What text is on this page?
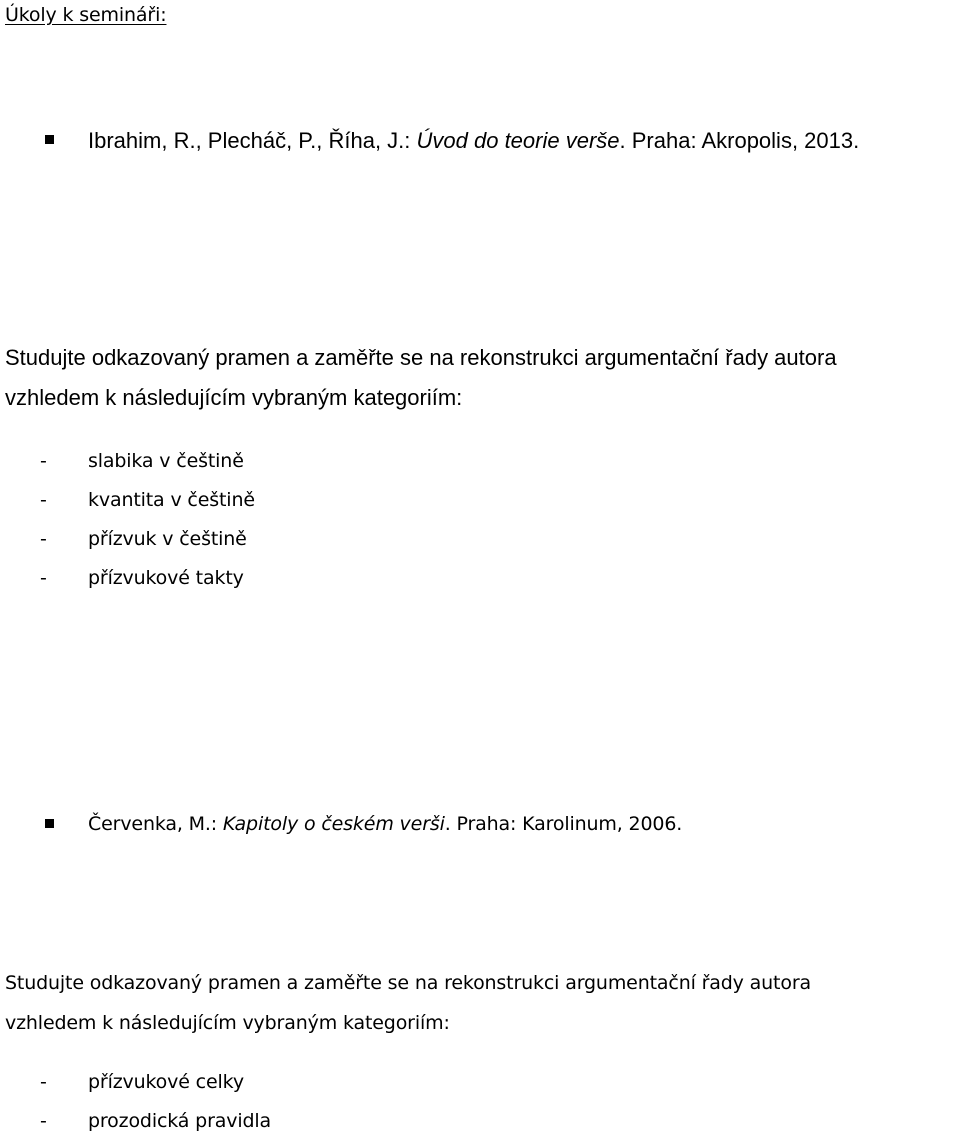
Úkoly k semináři:
Ibrahim, R., Plecháč, P., Říha, J.: Úvod do teorie verše. Praha: Akropolis, 2013.
Studujte odkazovaný pramen a zaměřte se na rekonstrukci argumentační řady autora
vzhledem k následujícím vybraným kategoriím:
- slabika v češtině
- kvantita v češtině
- přízvuk v češtině
- přízvukové takty
Červenka, M.: Kapitoly o českém verši. Praha: Karolinum, 2006.
Studujte odkazovaný pramen a zaměřte se na rekonstrukci argumentační řady autora
vzhledem k následujícím vybraným kategoriím:
- přízvukové celky
- prozodická pravidla
